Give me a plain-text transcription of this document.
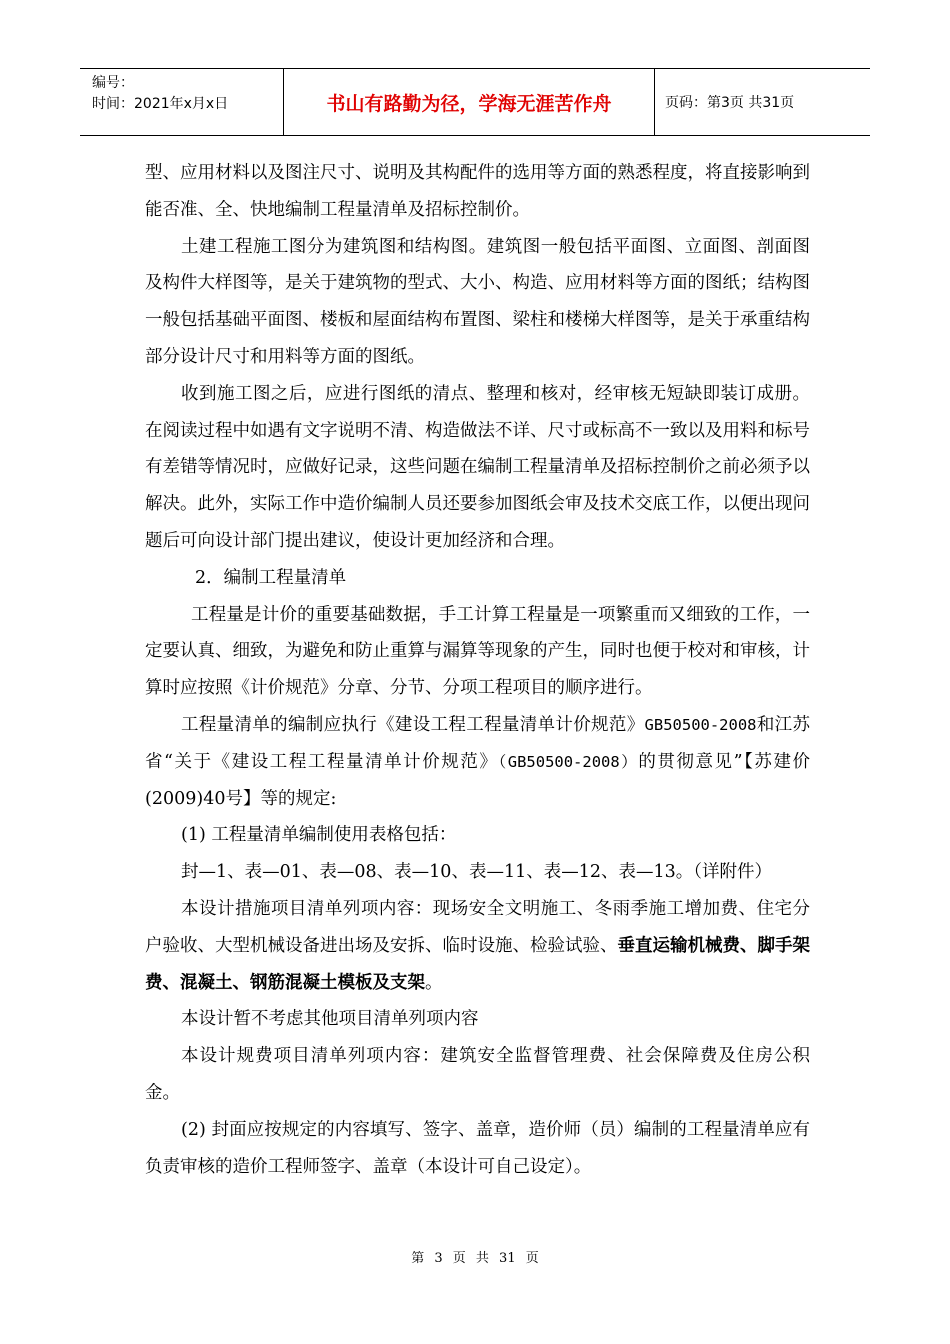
编号：
时间：2021年x月x日	书山有路勤为径，学海无涯苦作舟	页码：第3页 共31页

型、应用材料以及图注尺寸、说明及其构配件的选用等方面的熟悉程度，将直接影响到能否准、全、快地编制工程量清单及招标控制价。

土建工程施工图分为建筑图和结构图。建筑图一般包括平面图、立面图、剖面图及构件大样图等，是关于建筑物的型式、大小、构造、应用材料等方面的图纸；结构图一般包括基础平面图、楼板和屋面结构布置图、梁柱和楼梯大样图等，是关于承重结构部分设计尺寸和用料等方面的图纸。

收到施工图之后，应进行图纸的清点、整理和核对，经审核无短缺即装订成册。在阅读过程中如遇有文字说明不清、构造做法不详、尺寸或标高不一致以及用料和标号有差错等情况时，应做好记录，这些问题在编制工程量清单及招标控制价之前必须予以解决。此外，实际工作中造价编制人员还要参加图纸会审及技术交底工作，以便出现问题后可向设计部门提出建议，使设计更加经济和合理。

2．编制工程量清单

工程量是计价的重要基础数据，手工计算工程量是一项繁重而又细致的工作，一定要认真、细致，为避免和防止重算与漏算等现象的产生，同时也便于校对和审核，计算时应按照《计价规范》分章、分节、分项工程项目的顺序进行。

工程量清单的编制应执行《建设工程工程量清单计价规范》GB50500-2008和江苏省“关于《建设工程工程量清单计价规范》（GB50500-2008）的贯彻意见”【苏建价(2009)40号】等的规定:

(1) 工程量清单编制使用表格包括：

封—1、表—01、表—08、表—10、表—11、表—12、表—13。（详附件）

本设计措施项目清单列项内容：现场安全文明施工、冬雨季施工增加费、住宅分户验收、大型机械设备进出场及安拆、临时设施、检验试验、垂直运输机械费、脚手架费、混凝土、钢筋混凝土模板及支架。

本设计暂不考虑其他项目清单列项内容

本设计规费项目清单列项内容：建筑安全监督管理费、社会保障费及住房公积金。

(2) 封面应按规定的内容填写、签字、盖章，造价师（员）编制的工程量清单应有负责审核的造价工程师签字、盖章（本设计可自己设定）。

第 3 页 共 31 页
